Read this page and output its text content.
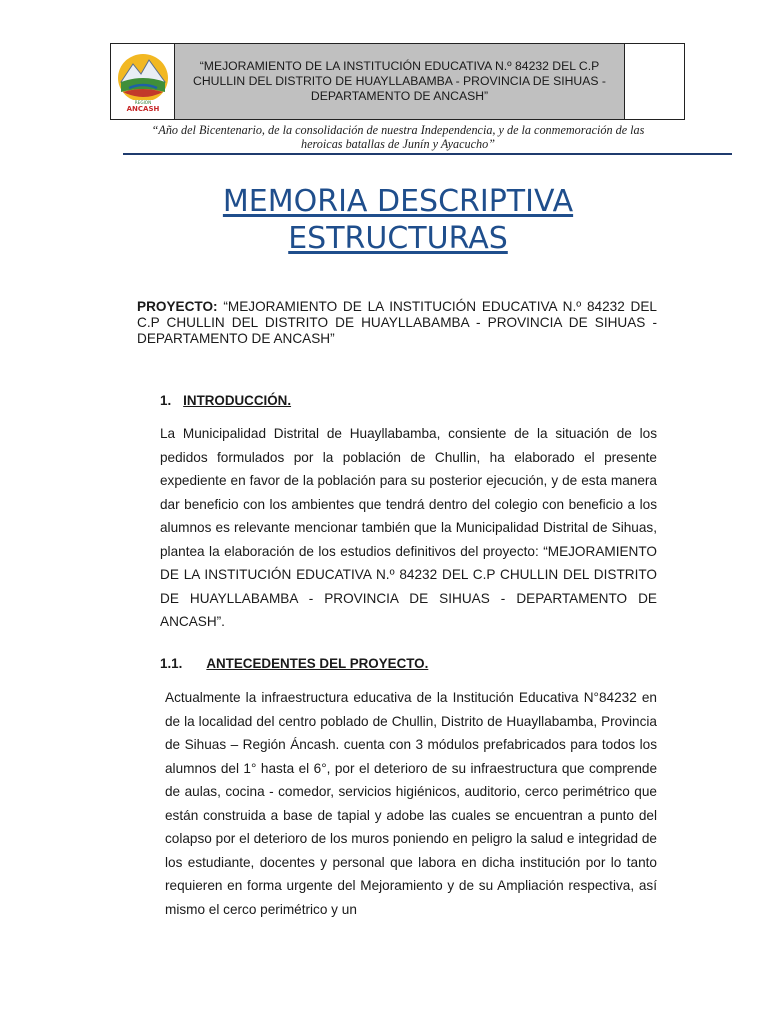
REGION
ANCASH
“MEJORAMIENTO DE LA INSTITUCIÓN EDUCATIVA N.º 84232 DEL C.P CHULLIN DEL DISTRITO DE HUAYLLABAMBA - PROVINCIA DE SIHUAS - DEPARTAMENTO DE ANCASH”
“Año del Bicentenario, de la consolidación de nuestra Independencia, y de la conmemoración de las heroicas batallas de Junín y Ayacucho”
MEMORIA DESCRIPTIVA
ESTRUCTURAS
PROYECTO: “MEJORAMIENTO DE LA INSTITUCIÓN EDUCATIVA N.º 84232 DEL C.P CHULLIN DEL DISTRITO DE HUAYLLABAMBA - PROVINCIA DE SIHUAS - DEPARTAMENTO DE ANCASH”
1. INTRODUCCIÓN.
La Municipalidad Distrital de Huayllabamba, consiente de la situación de los pedidos formulados por la población de Chullin, ha elaborado el presente expediente en favor de la población para su posterior ejecución, y de esta manera dar beneficio con los ambientes que tendrá dentro del colegio con beneficio a los alumnos es relevante mencionar también que la Municipalidad Distrital de Sihuas, plantea la elaboración de los estudios definitivos del proyecto: “MEJORAMIENTO DE LA INSTITUCIÓN EDUCATIVA N.º 84232 DEL C.P CHULLIN DEL DISTRITO DE HUAYLLABAMBA - PROVINCIA DE SIHUAS - DEPARTAMENTO DE ANCASH”.
1.1. ANTECEDENTES DEL PROYECTO.
Actualmente la infraestructura educativa de la Institución Educativa N°84232 en de la localidad del centro poblado de Chullin, Distrito de Huayllabamba, Provincia de Sihuas – Región Áncash. cuenta con 3 módulos prefabricados para todos los alumnos del 1° hasta el 6°, por el deterioro de su infraestructura que comprende de aulas, cocina - comedor, servicios higiénicos, auditorio, cerco perimétrico que están construida a base de tapial y adobe las cuales se encuentran a punto del colapso por el deterioro de los muros poniendo en peligro la salud e integridad de los estudiante, docentes y personal que labora en dicha institución por lo tanto requieren en forma urgente del Mejoramiento y de su Ampliación respectiva, así mismo el cerco perimétrico y un
